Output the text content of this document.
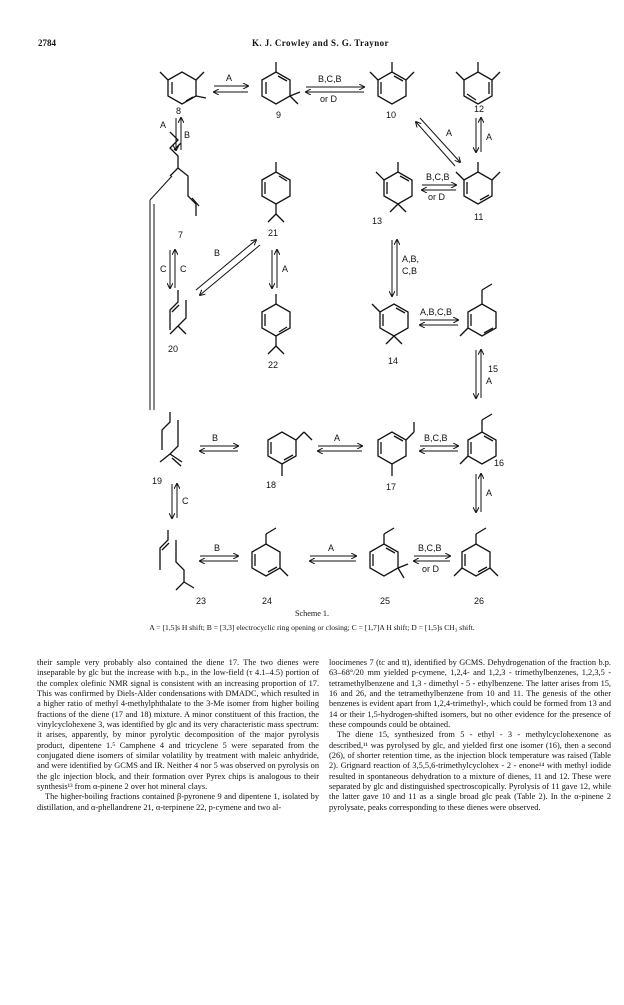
2784	K. J. Crowley and S. G. Traynor
8	9	10
12
7	21
13	11
20
22	14
15
19	18	17
16
23	24	25	26
A	B,C,B
or D
A	A
B
A
B,C,B
or D
B
C C	A
A,B,
C,B
A,B,C,B
A
B	A	B,C,B
C
A
B	A	B,C,B
or D
Scheme 1.
A = [1,5]s H shift; B = [3,3] electrocyclic ring opening or closing; C = [1,7]A H shift; D = [1,5]s CH₃ shift.

their sample very probably also contained the diene 17. The two dienes were inseparable by glc but the increase with b.p., in the low-field (τ 4.1–4.5) portion of the complex olefinic NMR signal is consistent with an increasing proportion of 17. This was confirmed by Diels-Alder condensations with DMADC, which resulted in a higher ratio of methyl 4-methylphthalate to the 3-Me isomer from higher boiling fractions of the diene (17 and 18) mixture. A minor constituent of this fraction, the vinylcyclohexene 3, was identified by glc and its very characteristic mass spectrum: it arises, apparently, by minor pyrolytic decomposition of the major pyrolysis product, dipentene 1.⁵ Camphene 4 and tricyclene 5 were separated from the conjugated diene isomers of similar volatility by treatment with maleic anhydride, and were identified by GCMS and IR. Neither 4 nor 5 was observed on pyrolysis on the glc injection block, and their formation over Pyrex chips is analogous to their synthesis¹³ from α-pinene 2 over hot mineral clays.

The higher-boiling fractions contained β-pyronene 9 and dipentene 1, isolated by distillation, and α-phellandrene 21, α-terpinene 22, p-cymene and two al-

loocimenes 7 (tc and tt), identified by GCMS. Dehydrogenation of the fraction b.p. 63–68°/20 mm yielded p-cymene, 1,2,4- and 1,2,3 - trimethylbenzenes, 1,2,3,5 - tetramethylbenzene and 1,3 - dimethyl - 5 - ethylbenzene. The latter arises from 15, 16 and 26, and the tetramethylbenzene from 10 and 11. The genesis of the other benzenes is evident apart from 1,2,4-trimethyl-, which could be formed from 13 and 14 or their 1,5-hydrogen-shifted isomers, but no other evidence for the presence of these compounds could be obtained.

The diene 15, synthesized from 5 - ethyl - 3 - methylcyclohexenone as described,¹¹ was pyrolysed by glc, and yielded first one isomer (16), then a second (26), of shorter retention time, as the injection block temperature was raised (Table 2). Grignard reaction of 3,5,5,6-trimethylcyclohex - 2 - enone¹⁴ with methyl iodide resulted in spontaneous dehydration to a mixture of dienes, 11 and 12. These were separated by glc and distinguished spectroscopically. Pyrolysis of 11 gave 12, while the latter gave 10 and 11 as a single broad glc peak (Table 2). In the α-pinene 2 pyrolysate, peaks corresponding to these dienes were observed.
